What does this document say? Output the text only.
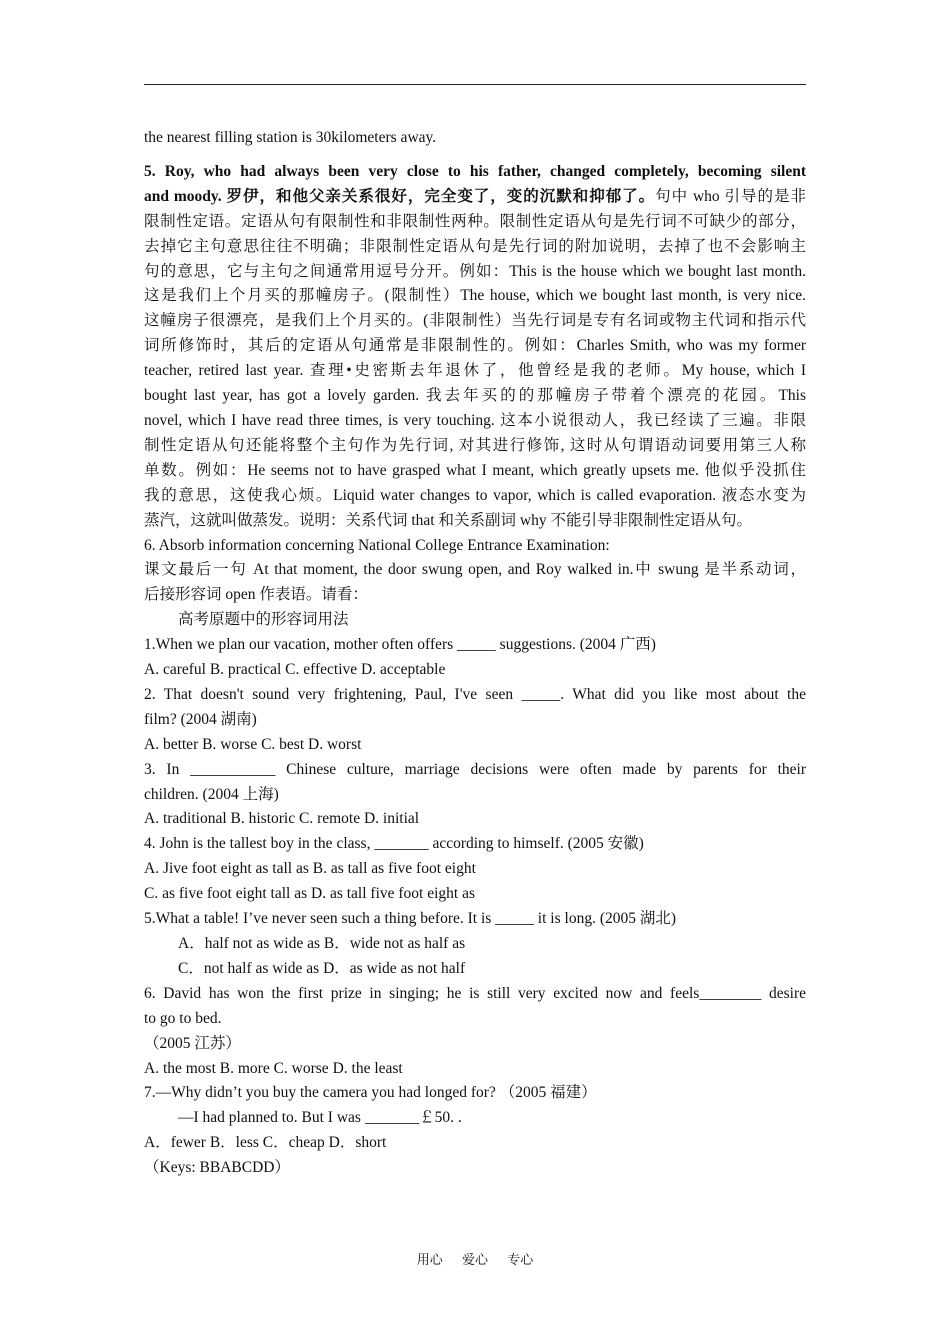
the nearest filling station is 30kilometers away.
5. Roy, who had always been very close to his father, changed completely, becoming silent
and moody. 罗伊，和他父亲关系很好，完全变了，变的沉默和抑郁了。句中 who 引导的是非
限制性定语。定语从句有限制性和非限制性两种。限制性定语从句是先行词不可缺少的部分，
去掉它主句意思往往不明确；非限制性定语从句是先行词的附加说明，去掉了也不会影响主
句的意思，它与主句之间通常用逗号分开。例如：This is the house which we bought last month.
这是我们上个月买的那幢房子。(限制性）The house, which we bought last month, is very nice.
这幢房子很漂亮，是我们上个月买的。(非限制性）当先行词是专有名词或物主代词和指示代
词所修饰时，其后的定语从句通常是非限制性的。例如：Charles Smith, who was my former
teacher, retired last year. 查理•史密斯去年退休了，他曾经是我的老师。My house, which I
bought last year, has got a lovely garden. 我去年买的的那幢房子带着个漂亮的花园。This
novel, which I have read three times, is very touching. 这本小说很动人，我已经读了三遍。非限
制性定语从句还能将整个主句作为先行词, 对其进行修饰, 这时从句谓语动词要用第三人称
单数。例如：He seems not to have grasped what I meant, which greatly upsets me. 他似乎没抓住
我的意思，这使我心烦。Liquid water changes to vapor, which is called evaporation. 液态水变为
蒸汽，这就叫做蒸发。说明：关系代词 that 和关系副词 why 不能引导非限制性定语从句。
6. Absorb information concerning National College Entrance Examination:
课文最后一句 At that moment, the door swung open, and Roy walked in.中 swung 是半系动词，
后接形容词 open 作表语。请看：
高考原题中的形容词用法
1.When we plan our vacation, mother often offers _____ suggestions. (2004 广西)
A. careful B. practical C. effective D. acceptable
2. That doesn't sound very frightening, Paul, I've seen _____. What did you like most about the
film? (2004 湖南)
A. better B. worse C. best D. worst
3. In ___________ Chinese culture, marriage decisions were often made by parents for their
children. (2004 上海)
A. traditional B. historic C. remote D. initial
4. John is the tallest boy in the class, _______ according to himself. (2005 安徽)
A. Jive foot eight as tall as B. as tall as five foot eight
C. as five foot eight tall as D. as tall five foot eight as
5.What a table! I’ve never seen such a thing before. It is _____ it is long. (2005 湖北)
A．half not as wide as B．wide not as half as
C．not half as wide as D．as wide as not half
6. David has won the first prize in singing; he is still very excited now and feels________ desire
to go to bed.
（2005 江苏）
A. the most B. more C. worse D. the least
7.—Why didn’t you buy the camera you had longed for? （2005 福建）
—I had planned to. But I was _______￡50. .
A．fewer B．less C．cheap D．short
（Keys: BBABCDD）
用心 爱心 专心
